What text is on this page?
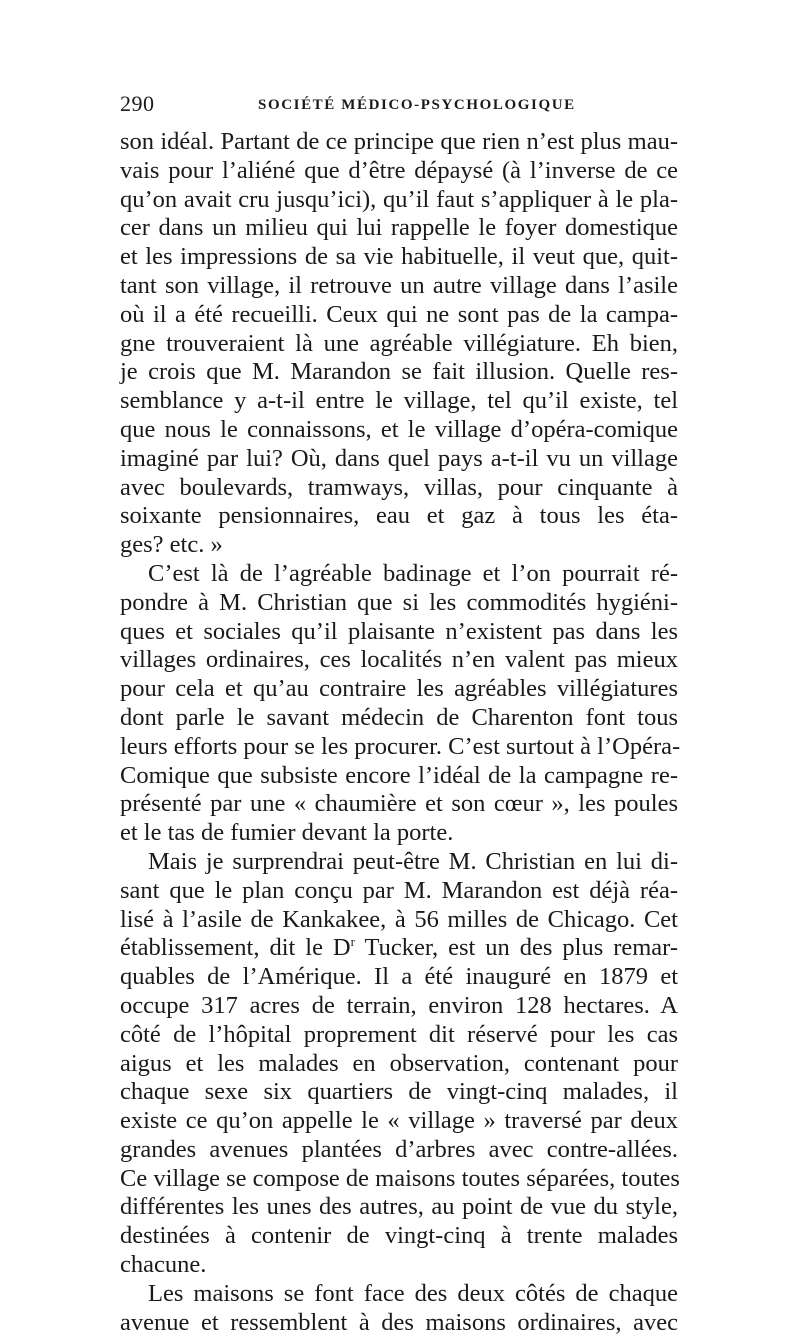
290	SOCIÉTÉ MÉDICO-PSYCHOLOGIQUE
son idéal. Partant de ce principe que rien n’est plus mau-
vais pour l’aliéné que d’être dépaysé (à l’inverse de ce
qu’on avait cru jusqu’ici), qu’il faut s’appliquer à le pla-
cer dans un milieu qui lui rappelle le foyer domestique
et les impressions de sa vie habituelle, il veut que, quit-
tant son village, il retrouve un autre village dans l’asile
où il a été recueilli. Ceux qui ne sont pas de la campa-
gne trouveraient là une agréable villégiature. Eh bien,
je crois que M. Marandon se fait illusion. Quelle res-
semblance y a-t-il entre le village, tel qu’il existe, tel
que nous le connaissons, et le village d’opéra-comique
imaginé par lui? Où, dans quel pays a-t-il vu un village
avec boulevards, tramways, villas, pour cinquante à
soixante pensionnaires, eau et gaz à tous les éta-
ges? etc. »
C’est là de l’agréable badinage et l’on pourrait ré-
pondre à M. Christian que si les commodités hygiéni-
ques et sociales qu’il plaisante n’existent pas dans les
villages ordinaires, ces localités n’en valent pas mieux
pour cela et qu’au contraire les agréables villégiatures
dont parle le savant médecin de Charenton font tous
leurs efforts pour se les procurer. C’est surtout à l’Opéra-
Comique que subsiste encore l’idéal de la campagne re-
présenté par une « chaumière et son cœur », les poules
et le tas de fumier devant la porte.
Mais je surprendrai peut-être M. Christian en lui di-
sant que le plan conçu par M. Marandon est déjà réa-
lisé à l’asile de Kankakee, à 56 milles de Chicago. Cet
établissement, dit le $D^r$ Tucker, est un des plus remar-
quables de l’Amérique. Il a été inauguré en 1879 et
occupe 317 acres de terrain, environ 128 hectares. A
côté de l’hôpital proprement dit réservé pour les cas
aigus et les malades en observation, contenant pour
chaque sexe six quartiers de vingt-cinq malades, il
existe ce qu’on appelle le « village » traversé par deux
grandes avenues plantées d’arbres avec contre-allées.
Ce village se compose de maisons toutes séparées, toutes
différentes les unes des autres, au point de vue du style,
destinées à contenir de vingt-cinq à trente malades
chacune.
Les maisons se font face des deux côtés de chaque
avenue et ressemblent à des maisons ordinaires, avec
